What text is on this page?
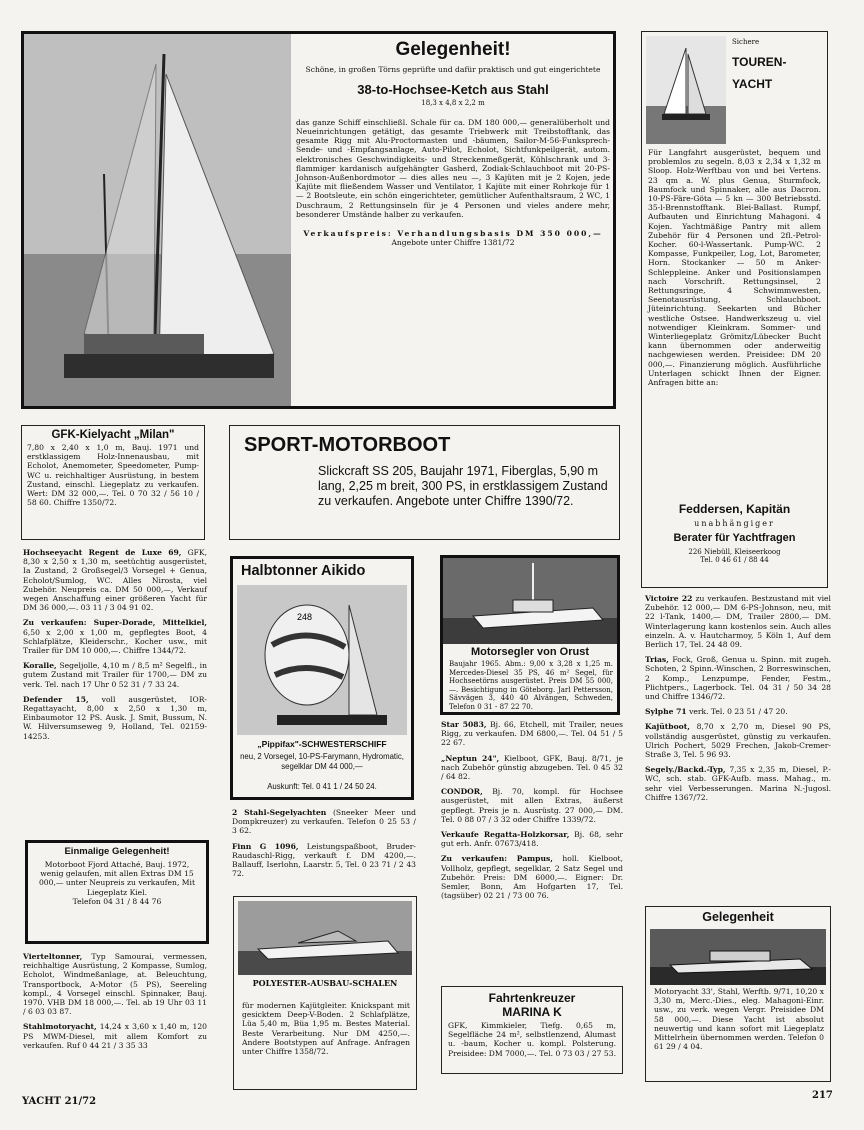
Gelegenheit!
Schöne, in großen Törns geprüfte und dafür praktisch und gut eingerichtete
38-to-Hochsee-Ketch aus Stahl
18,3 x 4,8 x 2,2 m
das ganze Schiff einschließl. Schale für ca. DM 180 000,— generalüberholt und Neueinrichtungen getätigt, das gesamte Triebwerk mit Treibstofftank, das gesamte Rigg mit Alu-Proctormasten und -bäumen, Sailor-M-56-Funksprech-Sende- und -Empfangsanlage, Auto-Pilot, Echolot, Sichtfunkpeilgerät, autom. elektronisches Geschwindigkeits- und Streckenmeßgerät, Kühlschrank und 3-flammiger kardanisch aufgehängter Gasherd, Zodiak-Schlauchboot mit 20-PS-Johnson-Außenbordmotor — dies alles neu —, 3 Kajüten mit je 2 Kojen, jede Kajüte mit fließendem Wasser und Ventilator, 1 Kajüte mit einer Rohrkoje für 1 — 2 Bootsleute, ein schön eingerichteter, gemütlicher Aufenthaltsraum, 2 WC, 1 Duschraum, 2 Rettungsinseln für je 4 Personen und vieles andere mehr, besonderer Umstände halber zu verkaufen.
Verkaufspreis: Verhandlungsbasis DM 350 000,—
Angebote unter Chiffre 1381/72
Sichere
TOUREN-
YACHT
Für Langfahrt ausgerüstet, bequem und problemlos zu segeln. 8,03 x 2,34 x 1,32 m Sloop. Holz-Werftbau von und bei Vertens. 23 qm a. W. plus Genua, Sturmfock, Baumfock und Spinnaker, alle aus Dacron. 10-PS-Färe-Göta — 5 kn — 300 Betriebsstd. 35-l-Brennstofftank. Blei-Ballast. Rumpf, Aufbauten und Einrichtung Mahagoni. 4 Kojen. Yachtmäßige Pantry mit allem Zubehör für 4 Personen und 2fl.-Petrol-Kocher. 60-l-Wassertank. Pump-WC. 2 Kompasse, Funkpeiler, Log, Lot, Barometer, Horn. Stockanker — 50 m Anker-Schleppleine. Anker und Positionslampen nach Vorschrift. Rettungsinsel, 2 Rettungsringe, 4 Schwimmwesten, Seenotausrüstung, Schlauchboot. Jüteinrichtung. Seekarten und Bücher westliche Ostsee. Handwerkszeug u. viel notwendiger Kleinkram. Sommer- und Winterliegeplatz Grömitz/Lübecker Bucht kann übernommen oder anderweitig nachgewiesen werden. Preisidee: DM 20 000,—. Finanzierung möglich. Ausführliche Unterlagen schickt Ihnen der Eigner. Anfragen bitte an:
Feddersen, Kapitän
unabhängiger
Berater für Yachtfragen
226 Niebüll, Kleiseerkoog
Tel. 0 46 61 / 88 44
GFK-Kielyacht „Milan"
7,80 x 2,40 x 1,0 m, Bauj. 1971 und erstklassigem Holz-Innenausbau, mit Echolot, Anemometer, Speedometer, Pump-WC u. reichhaltiger Ausrüstung, in bestem Zustand, einschl. Liegeplatz zu verkaufen. Wert: DM 32 000,—. Tel. 0 70 32 / 56 10 / 58 60. Chiffre 1350/72.
SPORT-MOTORBOOT
Slickcraft SS 205, Baujahr 1971, Fiberglas, 5,90 m lang, 2,25 m breit, 300 PS, in erstklassigem Zustand zu verkaufen. Angebote unter Chiffre 1390/72.
Hochseeyacht Regent de Luxe 69, GFK, 8,30 x 2,50 x 1,30 m, seetüchtig ausgerüstet, Ia Zustand, 2 Großsegel/3 Vorsegel + Genua, Echolot/Sumlog, WC. Alles Nirosta, viel Zubehör. Neupreis ca. DM 50 000,—, Verkauf wegen Anschaffung einer größeren Yacht für DM 36 000,—. 03 11 / 3 04 91 02.
Zu verkaufen: Super-Dorade, Mittelkiel, 6,50 x 2,00 x 1,00 m, gepflegtes Boot, 4 Schlafplätze, Kleiderschr., Kocher usw., mit Trailer für DM 10 000,—. Chiffre 1344/72.
Koralle, Segeljolle, 4,10 m / 8,5 m² Segelfl., in gutem Zustand mit Trailer für 1700,— DM zu verk. Tel. nach 17 Uhr 0 52 31 / 7 33 24.
Defender 15, voll ausgerüstet, IOR-Regattayacht, 8,00 x 2,50 x 1,30 m, Einbaumotor 12 PS. Ausk. J. Smit, Bussum, N. W. Hilversumseweg 9, Holland, Tel. 02159-14253.
Einmalige Gelegenheit!
Motorboot Fjord Attaché, Bauj. 1972, wenig gelaufen, mit allen Extras DM 15 000,— unter Neupreis zu verkaufen, Mit Liegeplatz Kiel.
Telefon 04 31 / 8 44 76
Vierteltonner, Typ Samourai, vermessen, reichhaltige Ausrüstung, 2 Kompasse, Sumlog, Echolot, Windmeßanlage, at. Beleuchtung, Transportbock, A-Motor (5 PS), Seereling kompl., 4 Vorsegel einschl. Spinnaker, Bauj. 1970. VHB DM 18 000,—. Tel. ab 19 Uhr 03 11 / 6 03 03 87.
Stahlmotoryacht, 14,24 x 3,60 x 1,40 m, 120 PS MWM-Diesel, mit allem Komfort zu verkaufen. Ruf 0 44 21 / 3 35 33
Halbtonner Aikido
248
„Pippifax"-SCHWESTERSCHIFF
neu, 2 Vorsegel, 10-PS-Farymann, Hydromatic, segelklar DM 44 000,—
Auskunft: Tel. 0 41 1 / 24 50 24.
2 Stahl-Segelyachten (Sneeker Meer und Dompkreuzer) zu verkaufen. Telefon 0 25 53 / 3 62.
Finn G 1096, Leistungspaßboot, Bruder-Raudaschl-Rigg, verkauft f. DM 4200,—. Ballauff, Iserlohn, Laarstr. 5, Tel. 0 23 71 / 2 43 72.
POLYESTER-AUSBAU-SCHALEN
für modernen Kajütgleiter. Knickspant mit gesicktem Deep-V-Boden. 2 Schlafplätze, Lüa 5,40 m, Büa 1,95 m. Bestes Material. Beste Verarbeitung. Nur DM 4250,—. Andere Bootstypen auf Anfrage. Anfragen unter Chiffre 1358/72.
Motorsegler von Orust
Baujahr 1965. Abm.: 9,00 x 3,28 x 1,25 m. Mercedes-Diesel 35 PS, 46 m² Segel, für Hochseetörns ausgerüstet. Preis DM 55 000,—. Besichtigung in Göteborg. Jarl Pettersson, Sävvägen 3, 440 40 Alvängen, Schweden, Telefon 0 31 - 87 22 70.
Star 5083, Bj. 66, Etchell, mit Trailer, neues Rigg, zu verkaufen. DM 6800,—. Tel. 04 51 / 5 22 67.
„Neptun 24", Kielboot, GFK, Bauj. 8/71, je nach Zubehör günstig abzugeben. Tel. 0 45 32 / 64 82.
CONDOR, Bj. 70, kompl. für Hochsee ausgerüstet, mit allen Extras, äußerst gepflegt. Preis je n. Ausrüstg. 27 000,— DM. Tel. 0 88 07 / 3 32 oder Chiffre 1339/72.
Verkaufe Regatta-Holzkorsar, Bj. 68, sehr gut erh. Anfr. 07673/418.
Zu verkaufen: Pampus, holl. Kielboot, Vollholz, gepflegt, segelklar, 2 Satz Segel und Zubehör. Preis: DM 6000,—. Eigner: Dr. Semler, Bonn, Am Hofgarten 17, Tel. (tagsüber) 02 21 / 73 00 76.
Fahrtenkreuzer
MARINA K
GFK, Kimmkieler, Tiefg. 0,65 m, Segelfläche 24 m², selbstlenzend, Alumast u. -baum, Kocher u. kompl. Polsterung. Preisidee: DM 7000,—. Tel. 0 73 03 / 27 53.
Victoire 22 zu verkaufen. Bestzustand mit viel Zubehör. 12 000,— DM 6-PS-Johnson, neu, mit 22 l-Tank, 1400,— DM, Trailer 2800,— DM. Winterlagerung kann kostenlos sein. Auch alles einzeln. A. v. Hautcharmoy, 5 Köln 1, Auf dem Berlich 17, Tel. 24 48 09.
Trias, Fock, Groß, Genua u. Spinn. mit zugeh. Schoten, 2 Spinn.-Winschen, 2 Borreswinschen, 2 Komp., Lenzpumpe, Fender, Festm., Plichtpers., Lagerbock. Tel. 04 31 / 50 34 28 und Chiffre 1346/72.
Sylphe 71 verk. Tel. 0 23 51 / 47 20.
Kajütboot, 8,70 x 2,70 m, Diesel 90 PS, vollständig ausgerüstet, günstig zu verkaufen. Ulrich Pochert, 5029 Frechen, Jakob-Cremer-Straße 3, Tel. 5 96 93.
Segely./Backd.-Typ, 7,35 x 2,35 m, Diesel, P.-WC, sch. stab. GFK-Aufb. mass. Mahag., m. sehr viel Verbesserungen. Marina N.-Jugosl. Chiffre 1367/72.
Gelegenheit
Motoryacht 33', Stahl, Werftb. 9/71, 10,20 x 3,30 m, Merc.-Dies., eleg. Mahagoni-Einr. usw., zu verk. wegen Vergr. Preisidee DM 58 000,—. Diese Yacht ist absolut neuwertig und kann sofort mit Liegeplatz Mittelrhein übernommen werden. Telefon 0 61 29 / 4 04.
YACHT 21/72
217
